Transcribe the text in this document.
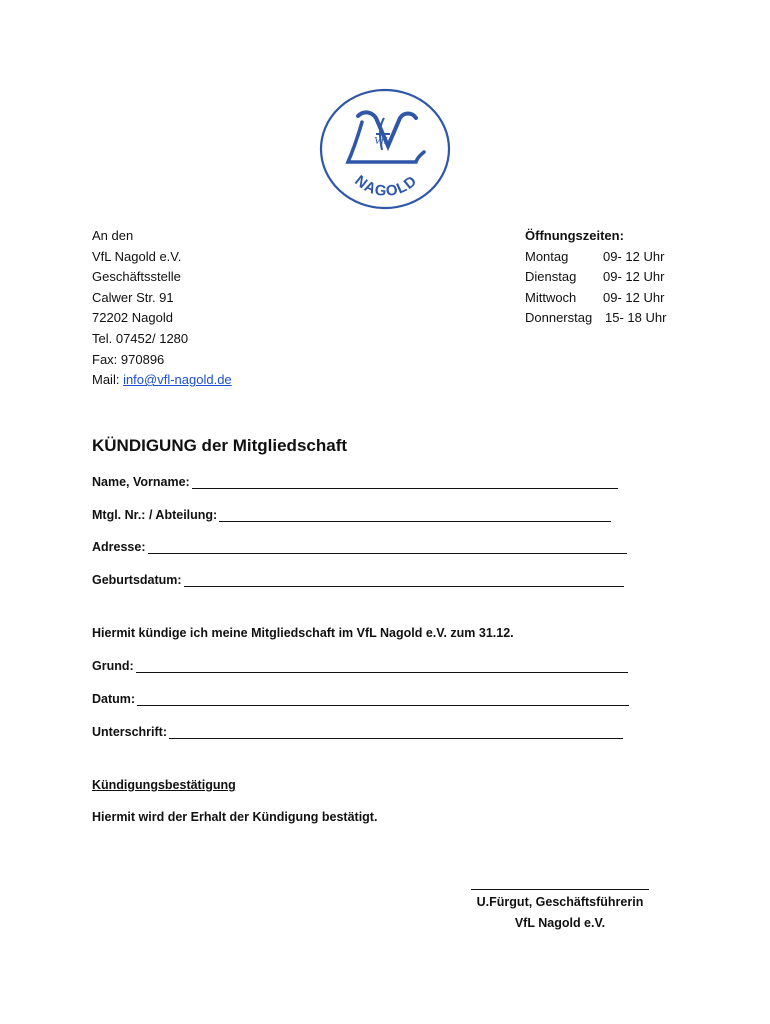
VfL
NAGOLD
An den
VfL Nagold e.V.
Geschäftsstelle
Calwer Str. 91
72202 Nagold
Tel. 07452/ 1280
Fax: 970896
Mail: info@vfl-nagold.de
Öffnungszeiten:
Montag	09- 12 Uhr
Dienstag	09- 12 Uhr
Mittwoch	09- 12 Uhr
Donnerstag 15- 18 Uhr
KÜNDIGUNG der Mitgliedschaft
Name, Vorname:
Mtgl. Nr.: / Abteilung:
Adresse:
Geburtsdatum:
Hiermit kündige ich meine Mitgliedschaft im VfL Nagold e.V. zum 31.12.
Grund:
Datum:
Unterschrift:
Kündigungsbestätigung
Hiermit wird der Erhalt der Kündigung bestätigt.
U.Fürgut, Geschäftsführerin
VfL Nagold e.V.
